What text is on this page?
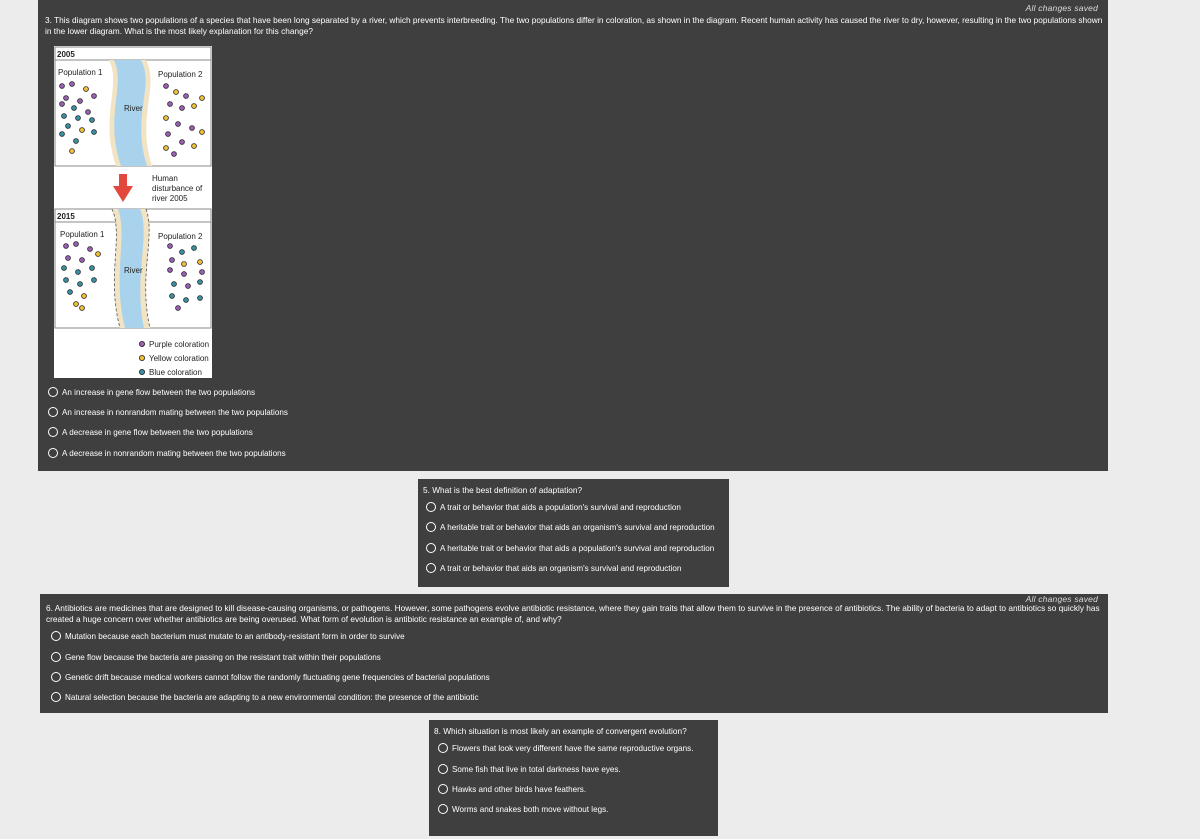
All changes saved
3. This diagram shows two populations of a species that have been long separated by a river, which prevents interbreeding. The two populations differ in coloration, as shown in the diagram. Recent human activity has caused the river to dry, however, resulting in the two populations shown in the lower diagram. What is the most likely explanation for this change?
2005
Population 1	Population 2
River
Human
disturbance of
river 2005
2015
Population 1	Population 2
River
Purple coloration
Yellow coloration
Blue coloration
An increase in gene flow between the two populations
An increase in nonrandom mating between the two populations
A decrease in gene flow between the two populations
A decrease in nonrandom mating between the two populations
5. What is the best definition of adaptation?
A trait or behavior that aids a population's survival and reproduction
A heritable trait or behavior that aids an organism's survival and reproduction
A heritable trait or behavior that aids a population's survival and reproduction
A trait or behavior that aids an organism's survival and reproduction
All changes saved
6. Antibiotics are medicines that are designed to kill disease-causing organisms, or pathogens. However, some pathogens evolve antibiotic resistance, where they gain traits that allow them to survive in the presence of antibiotics. The ability of bacteria to adapt to antibiotics so quickly has created a huge concern over whether antibiotics are being overused. What form of evolution is antibiotic resistance an example of, and why?
Mutation because each bacterium must mutate to an antibody-resistant form in order to survive
Gene flow because the bacteria are passing on the resistant trait within their populations
Genetic drift because medical workers cannot follow the randomly fluctuating gene frequencies of bacterial populations
Natural selection because the bacteria are adapting to a new environmental condition: the presence of the antibiotic
8. Which situation is most likely an example of convergent evolution?
Flowers that look very different have the same reproductive organs.
Some fish that live in total darkness have eyes.
Hawks and other birds have feathers.
Worms and snakes both move without legs.
